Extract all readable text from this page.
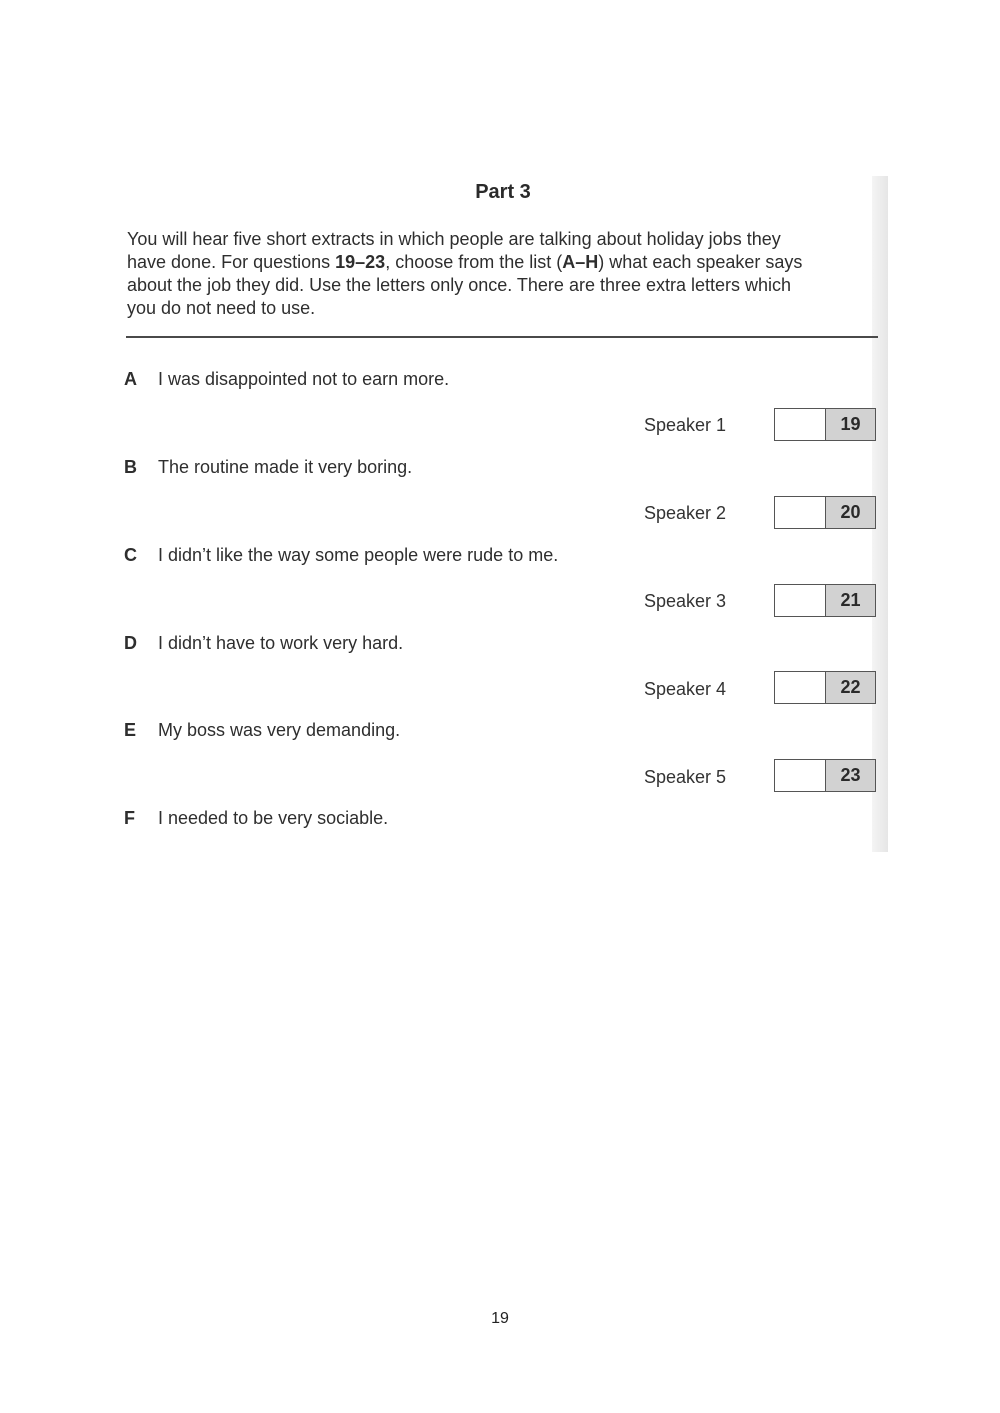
Part 3
You will hear five short extracts in which people are talking about holiday jobs they
have done. For questions 19–23, choose from the list (A–H) what each speaker says
about the job they did. Use the letters only once. There are three extra letters which
you do not need to use.
A I was disappointed not to earn more.
B The routine made it very boring.
C I didn’t like the way some people were rude to me.
D I didn’t have to work very hard.
E My boss was very demanding.
F I needed to be very sociable.
Speaker 1	19
Speaker 2	20
Speaker 3	21
Speaker 4	22
Speaker 5	23
19
